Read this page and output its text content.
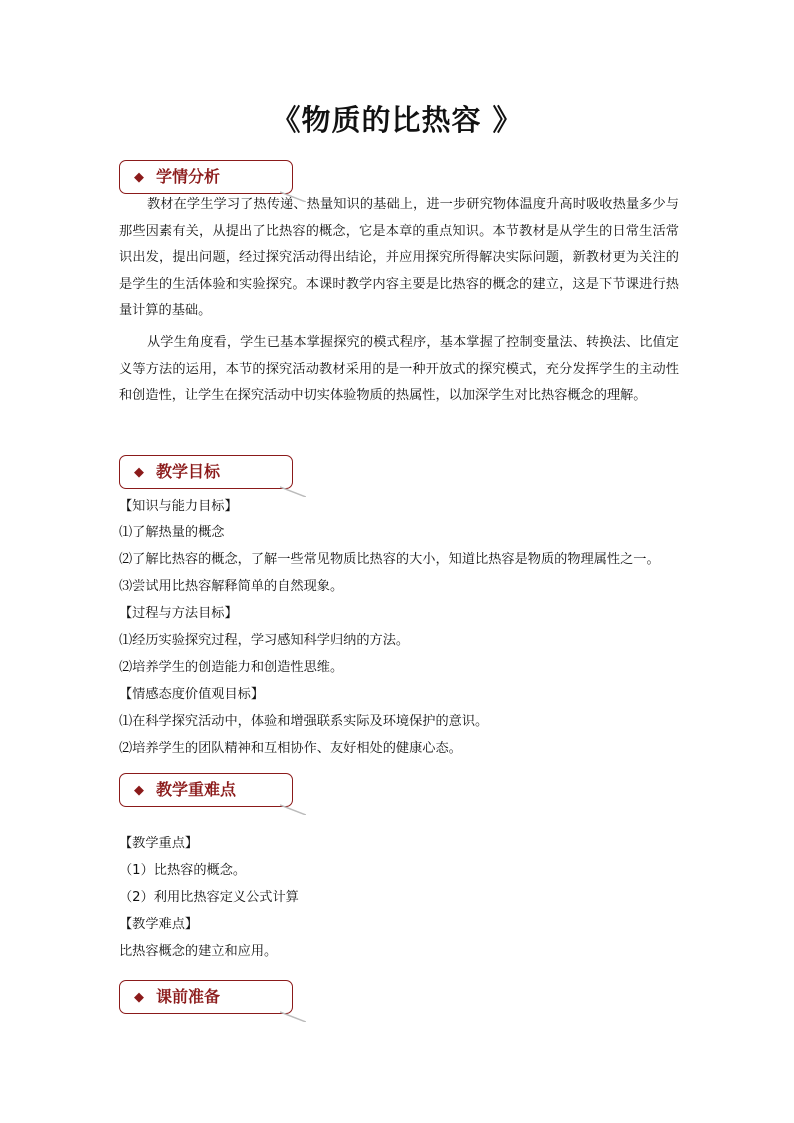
《物质的比热容 》
◆ 学情分析
教材在学生学习了热传递、热量知识的基础上，进一步研究物体温度升高时吸收热量多少与那些因素有关，从提出了比热容的概念，它是本章的重点知识。本节教材是从学生的日常生活常识出发，提出问题，经过探究活动得出结论，并应用探究所得解决实际问题，新教材更为关注的是学生的生活体验和实验探究。本课时教学内容主要是比热容的概念的建立，这是下节课进行热量计算的基础。
从学生角度看，学生已基本掌握探究的模式程序，基本掌握了控制变量法、转换法、比值定义等方法的运用，本节的探究活动教材采用的是一种开放式的探究模式，充分发挥学生的主动性和创造性，让学生在探究活动中切实体验物质的热属性，以加深学生对比热容概念的理解。
◆ 教学目标
【知识与能力目标】
⑴了解热量的概念
⑵了解比热容的概念，了解一些常见物质比热容的大小，知道比热容是物质的物理属性之一。
⑶尝试用比热容解释简单的自然现象。
【过程与方法目标】
⑴经历实验探究过程，学习感知科学归纳的方法。
⑵培养学生的创造能力和创造性思维。
【情感态度价值观目标】
⑴在科学探究活动中，体验和增强联系实际及环境保护的意识。
⑵培养学生的团队精神和互相协作、友好相处的健康心态。
◆ 教学重难点
【教学重点】
（1）比热容的概念。
（2）利用比热容定义公式计算
【教学难点】
比热容概念的建立和应用。
◆ 课前准备
